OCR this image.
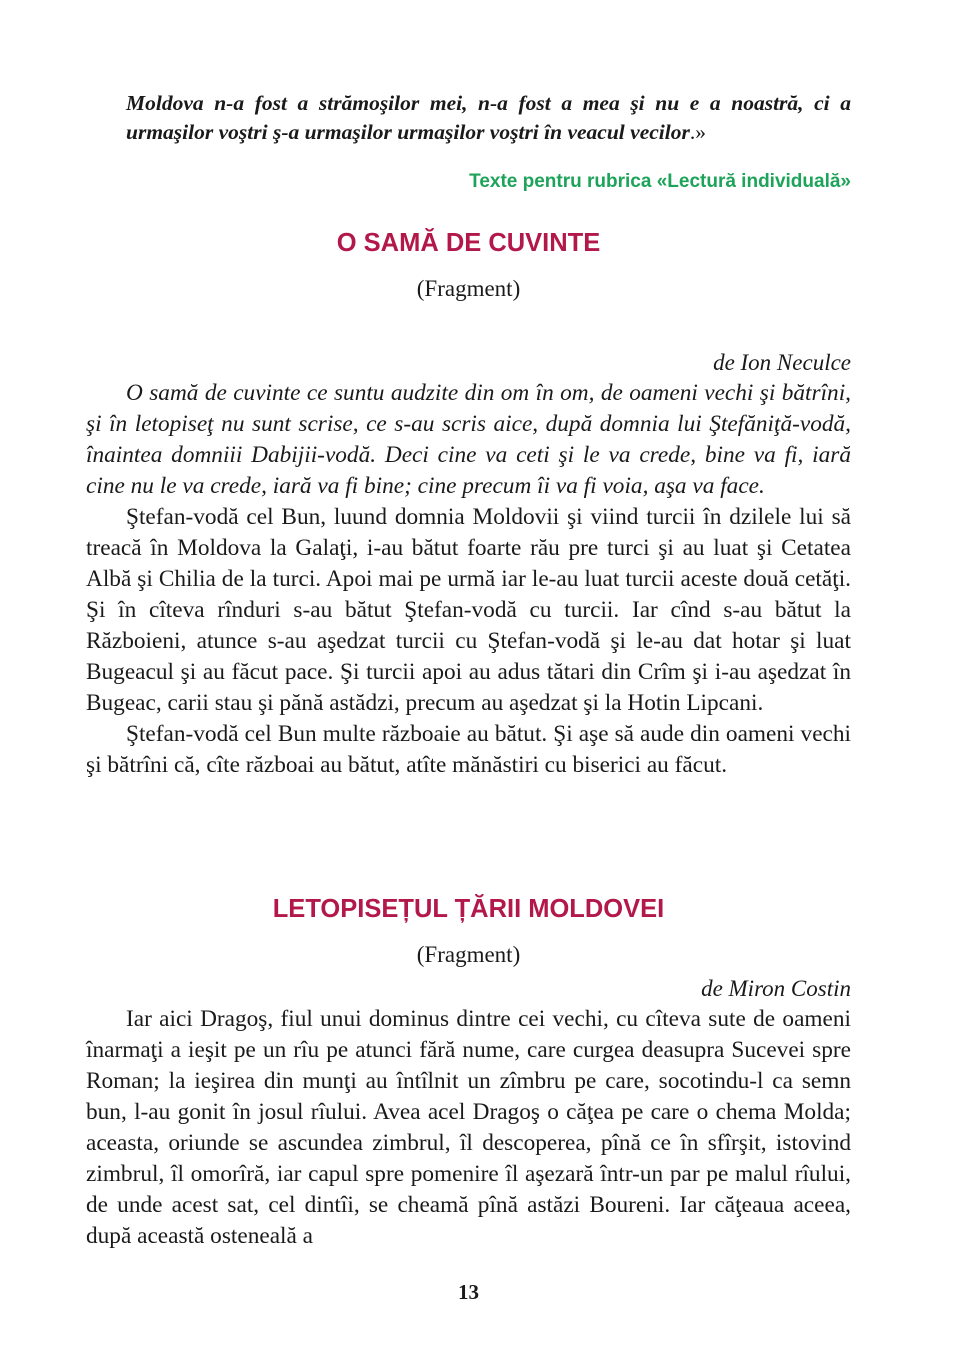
Moldova n-a fost a strămoşilor mei, n-a fost a mea şi nu e a noastră, ci a urmaşilor voştri ş-a urmaşilor urmaşilor voştri în veacul vecilor.»
Texte pentru rubrica «Lectură individuală»
O SAMĂ DE CUVINTE
(Fragment)
de Ion Neculce

O samă de cuvinte ce suntu audzite din om în om, de oameni vechi şi bătrîni, şi în letopiseţ nu sunt scrise, ce s-au scris aice, după domnia lui Ştefăniţă-vodă, înaintea domniii Dabijii-vodă. Deci cine va ceti şi le va crede, bine va fi, iară cine nu le va crede, iară va fi bine; cine precum îi va fi voia, aşa va face.

Ştefan-vodă cel Bun, luund domnia Moldovii şi viind turcii în dzilele lui să treacă în Moldova la Galaţi, i-au bătut foarte rău pre turci şi au luat şi Cetatea Albă şi Chilia de la turci. Apoi mai pe urmă iar le-au luat turcii aceste două cetăţi. Şi în cîteva rînduri s-au bătut Ştefan-vodă cu turcii. Iar cînd s-au bătut la Războieni, atunce s-au aşedzat turcii cu Ştefan-vodă şi le-au dat hotar şi luat Bugeacul şi au făcut pace. Şi turcii apoi au adus tătari din Crîm şi i-au aşedzat în Bugeac, carii stau şi pănă astădzi, precum au aşedzat şi la Hotin Lipcani.

Ştefan-vodă cel Bun multe războaie au bătut. Şi aşe să aude din oameni vechi şi bătrîni că, cîte războai au bătut, atîte mănăstiri cu biserici au făcut.

LETOPISEȚUL ȚĂRII MOLDOVEI
(Fragment)
de Miron Costin

Iar aici Dragoş, fiul unui dominus dintre cei vechi, cu cîteva sute de oameni înarmaţi a ieşit pe un rîu pe atunci fără nume, care curgea deasupra Sucevei spre Roman; la ieşirea din munţi au întîlnit un zîmbru pe care, socotindu-l ca semn bun, l-au gonit în josul rîului. Avea acel Dragoş o căţea pe care o chema Molda; aceasta, oriunde se ascundea zimbrul, îl descoperea, pînă ce în sfîrşit, istovind zimbrul, îl omorîră, iar capul spre pomenire îl aşezară într-un par pe malul rîului, de unde acest sat, cel dintîi, se cheamă pînă astăzi Boureni. Iar căţeaua aceea, după această osteneală a

13
